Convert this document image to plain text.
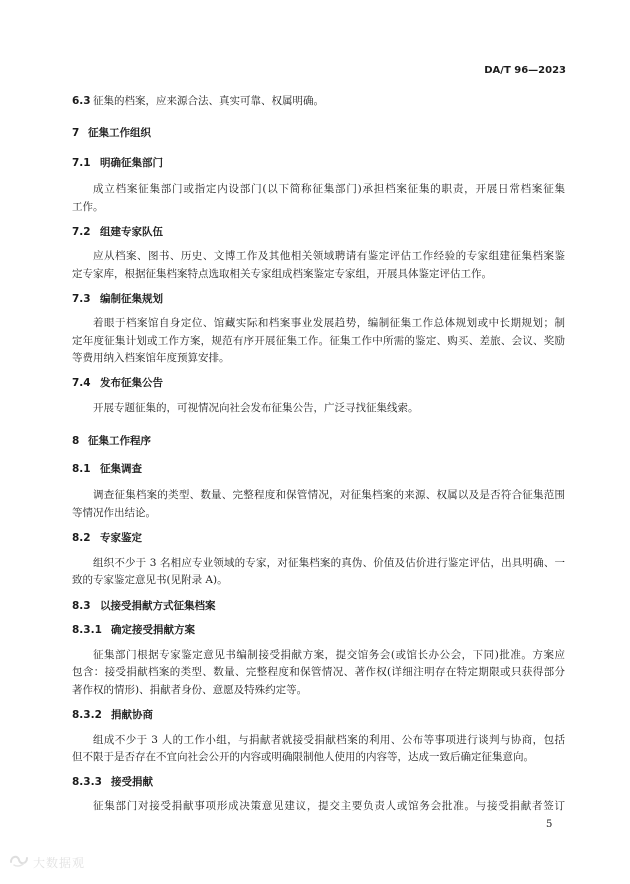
DA/T 96—2023
6.3 征集的档案，应来源合法、真实可靠、权属明确。
7 征集工作组织
7.1 明确征集部门
成立档案征集部门或指定内设部门(以下简称征集部门)承担档案征集的职责，开展日常档案征集
工作。
7.2 组建专家队伍
应从档案、图书、历史、文博工作及其他相关领域聘请有鉴定评估工作经验的专家组建征集档案鉴
定专家库，根据征集档案特点选取相关专家组成档案鉴定专家组，开展具体鉴定评估工作。
7.3 编制征集规划
着眼于档案馆自身定位、馆藏实际和档案事业发展趋势，编制征集工作总体规划或中长期规划；制
定年度征集计划或工作方案，规范有序开展征集工作。征集工作中所需的鉴定、购买、差旅、会议、奖励
等费用纳入档案馆年度预算安排。
7.4 发布征集公告
开展专题征集的，可视情况向社会发布征集公告，广泛寻找征集线索。
8 征集工作程序
8.1 征集调查
调查征集档案的类型、数量、完整程度和保管情况，对征集档案的来源、权属以及是否符合征集范围
等情况作出结论。
8.2 专家鉴定
组织不少于 3 名相应专业领域的专家，对征集档案的真伪、价值及估价进行鉴定评估，出具明确、一
致的专家鉴定意见书(见附录 A)。
8.3 以接受捐献方式征集档案
8.3.1 确定接受捐献方案
征集部门根据专家鉴定意见书编制接受捐献方案，提交馆务会(或馆长办公会，下同)批准。方案应
包含：接受捐献档案的类型、数量、完整程度和保管情况、著作权(详细注明存在特定期限或只获得部分
著作权的情形)、捐献者身份、意愿及特殊约定等。
8.3.2 捐献协商
组成不少于 3 人的工作小组，与捐献者就接受捐献档案的利用、公布等事项进行谈判与协商，包括
但不限于是否存在不宜向社会公开的内容或明确限制他人使用的内容等，达成一致后确定征集意向。
8.3.3 接受捐献
征集部门对接受捐献事项形成决策意见建议，提交主要负责人或馆务会批准。与接受捐献者签订
5
大数据观
